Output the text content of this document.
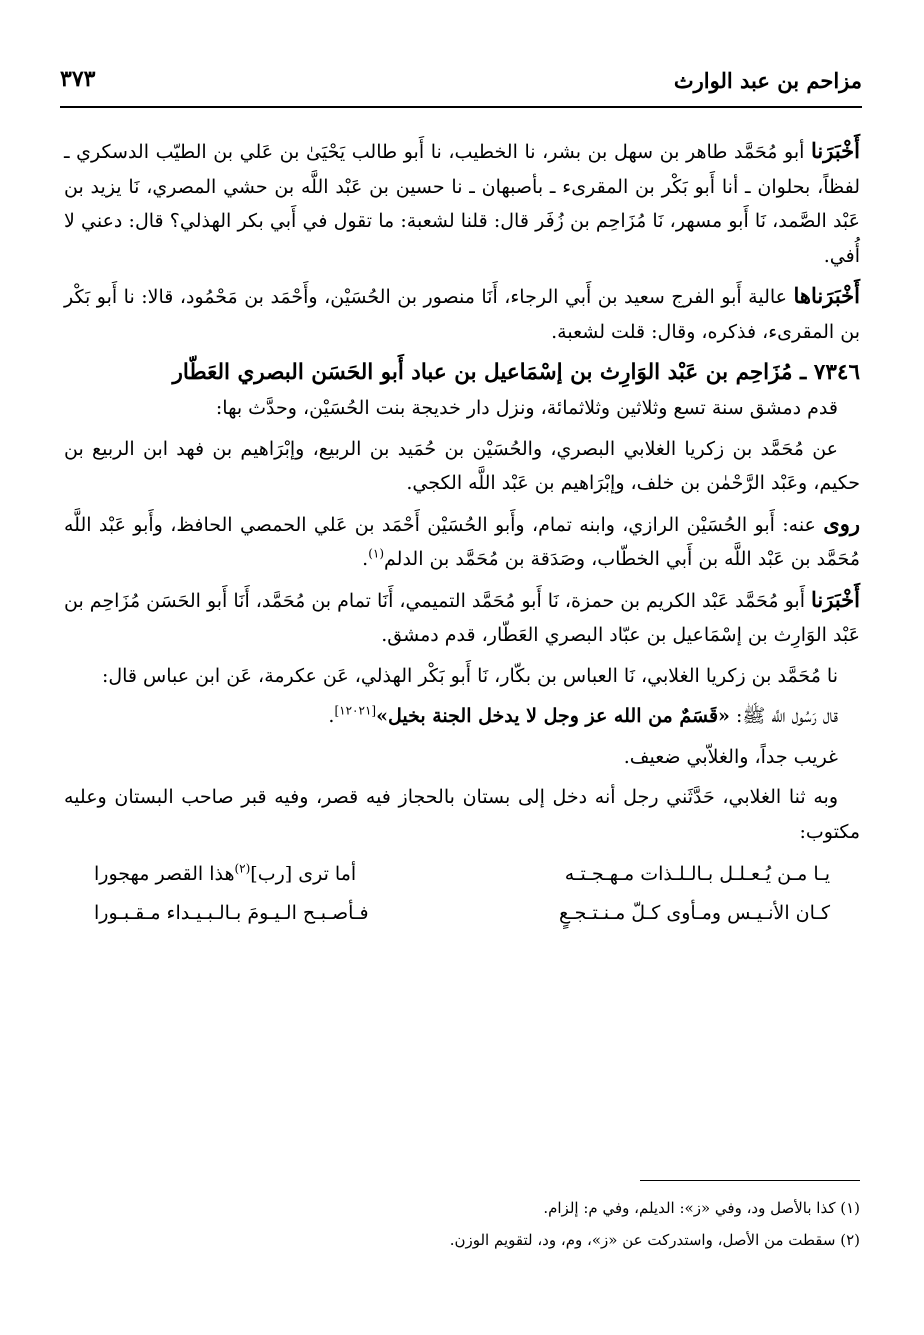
مزاحم بن عبد الوارث
٣٧٣

أَخْبَرَنا أبو مُحَمَّد طاهر بن سهل بن بشر، نا الخطيب، نا أَبو طالب يَحْيَىٰ بن عَلي بن الطيّب الدسكري ـ لفظاً، بحلوان ـ أنا أَبو بَكْر بن المقرىء ـ بأصبهان ـ نا حسين بن عَبْد اللَّه بن حشي المصري، نَا يزيد بن عَبْد الصَّمد، نَا أَبو مسهر، نَا مُزَاحِم بن زُفَر قال: قلنا لشعبة: ما تقول في أَبي بكر الهذلي؟ قال: دعني لا أُفي.

أَخْبَرَناها عالية أَبو الفرج سعيد بن أَبي الرجاء، أَنَا منصور بن الحُسَيْن، وأَحْمَد بن مَحْمُود، قالا: نا أَبو بَكْر بن المقرىء، فذكره، وقال: قلت لشعبة.

٧٣٤٦ ـ مُزَاحِم بن عَبْد الوَارِث بن إسْمَاعيل بن عباد أَبو الحَسَن البصري العَطّار

قدم دمشق سنة تسع وثلاثين وثلاثمائة، ونزل دار خديجة بنت الحُسَيْن، وحدَّث بها:

عن مُحَمَّد بن زكريا الغلابي البصري، والحُسَيْن بن حُمَيد بن الربيع، وإبْرَاهيم بن فهد ابن الربيع بن حكيم، وعَبْد الرَّحْمٰن بن خلف، وإبْرَاهيم بن عَبْد اللَّه الكجي.

روى عنه: أَبو الحُسَيْن الرازي، وابنه تمام، وأَبو الحُسَيْن أَحْمَد بن عَلي الحمصي الحافظ، وأَبو عَبْد اللَّه مُحَمَّد بن عَبْد اللَّه بن أَبي الخطّاب، وصَدَقة بن مُحَمَّد بن الدلم$^{(١)}$.

أَخْبَرَنا أَبو مُحَمَّد عَبْد الكريم بن حمزة، نَا أَبو مُحَمَّد التميمي، أَنَا تمام بن مُحَمَّد، أَنَا أَبو الحَسَن مُزَاحِم بن عَبْد الوَارِث بن إسْمَاعيل بن عبّاد البصري العَطّار، قدم دمشق.

نا مُحَمَّد بن زكريا الغلابي، نَا العباس بن بكّار، نَا أَبو بَكْر الهذلي، عَن عكرمة، عَن ابن عباس قال:

قال رَسُول اللَّه ﷺ: «قَسَمٌ من الله عز وجل لا يدخل الجنة بخيل»[١٢٠٢١].

غريب جداً، والغلاّبي ضعيف.

وبه ثنا الغلابي، حَدَّثَني رجل أنه دخل إلى بستان بالحجاز فيه قصر، وفيه قبر صاحب البستان وعليه مكتوب:

يـا مـن يُـعـلـل بـالـلـذات مـهـجـتـه
أما ترى [رب]$^{(٢)}$هذا القصر مهجورا
كـان الأنـيـس ومـأوى كـلّ مـنـتـجـعٍ
فـأصـبـح الـيـومَ بـالـبـيـداء مـقـبـورا

(١) كذا بالأصل ود، وفي «ز»: الديلم، وفي م: إلزام.

(٢) سقطت من الأصل، واستدركت عن «ز»، وم، ود، لتقويم الوزن.
